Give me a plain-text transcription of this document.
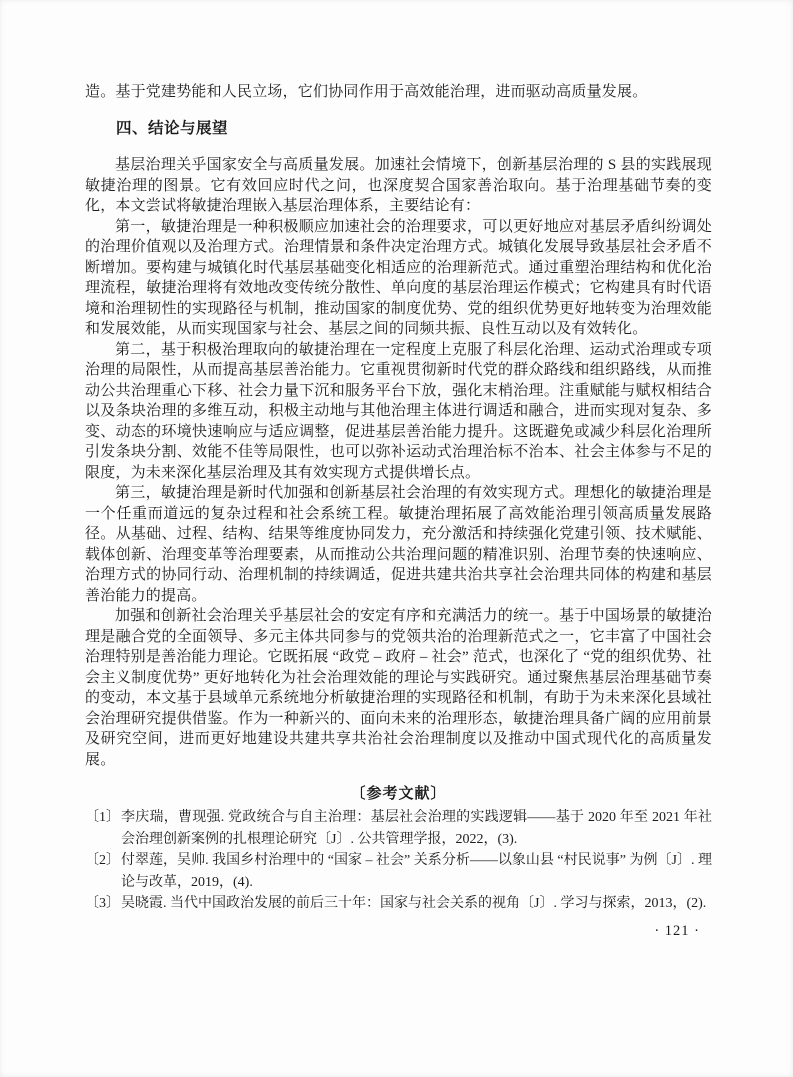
造。基于党建势能和人民立场，它们协同作用于高效能治理，进而驱动高质量发展。

四、结论与展望

基层治理关乎国家安全与高质量发展。加速社会情境下，创新基层治理的 S 县的实践展现敏捷治理的图景。它有效回应时代之问，也深度契合国家善治取向。基于治理基础节奏的变化，本文尝试将敏捷治理嵌入基层治理体系，主要结论有：

第一，敏捷治理是一种积极顺应加速社会的治理要求，可以更好地应对基层矛盾纠纷调处的治理价值观以及治理方式。治理情景和条件决定治理方式。城镇化发展导致基层社会矛盾不断增加。要构建与城镇化时代基层基础变化相适应的治理新范式。通过重塑治理结构和优化治理流程，敏捷治理将有效地改变传统分散性、单向度的基层治理运作模式；它构建具有时代语境和治理韧性的实现路径与机制，推动国家的制度优势、党的组织优势更好地转变为治理效能和发展效能，从而实现国家与社会、基层之间的同频共振、良性互动以及有效转化。

第二，基于积极治理取向的敏捷治理在一定程度上克服了科层化治理、运动式治理或专项治理的局限性，从而提高基层善治能力。它重视贯彻新时代党的群众路线和组织路线，从而推动公共治理重心下移、社会力量下沉和服务平台下放，强化末梢治理。注重赋能与赋权相结合以及条块治理的多维互动，积极主动地与其他治理主体进行调适和融合，进而实现对复杂、多变、动态的环境快速响应与适应调整，促进基层善治能力提升。这既避免或减少科层化治理所引发条块分割、效能不佳等局限性，也可以弥补运动式治理治标不治本、社会主体参与不足的限度，为未来深化基层治理及其有效实现方式提供增长点。

第三，敏捷治理是新时代加强和创新基层社会治理的有效实现方式。理想化的敏捷治理是一个任重而道远的复杂过程和社会系统工程。敏捷治理拓展了高效能治理引领高质量发展路径。从基础、过程、结构、结果等维度协同发力，充分激活和持续强化党建引领、技术赋能、载体创新、治理变革等治理要素，从而推动公共治理问题的精准识别、治理节奏的快速响应、治理方式的协同行动、治理机制的持续调适，促进共建共治共享社会治理共同体的构建和基层善治能力的提高。

加强和创新社会治理关乎基层社会的安定有序和充满活力的统一。基于中国场景的敏捷治理是融合党的全面领导、多元主体共同参与的党领共治的治理新范式之一，它丰富了中国社会治理特别是善治能力理论。它既拓展 “政党 – 政府 – 社会” 范式，也深化了 “党的组织优势、社会主义制度优势” 更好地转化为社会治理效能的理论与实践研究。通过聚焦基层治理基础节奏的变动，本文基于县域单元系统地分析敏捷治理的实现路径和机制，有助于为未来深化县域社会治理研究提供借鉴。作为一种新兴的、面向未来的治理形态，敏捷治理具备广阔的应用前景及研究空间，进而更好地建设共建共享共治社会治理制度以及推动中国式现代化的高质量发展。

〔参考文献〕

〔1〕 李庆瑞，曹现强. 党政统合与自主治理：基层社会治理的实践逻辑——基于 2020 年至 2021 年社会治理创新案例的扎根理论研究〔J〕. 公共管理学报，2022，(3).

〔2〕 付翠莲，吴帅. 我国乡村治理中的 “国家 – 社会” 关系分析——以象山县 “村民说事” 为例〔J〕. 理论与改革，2019，(4).

〔3〕 吴晓霞. 当代中国政治发展的前后三十年：国家与社会关系的视角〔J〕. 学习与探索，2013，(2).

· 121 ·
